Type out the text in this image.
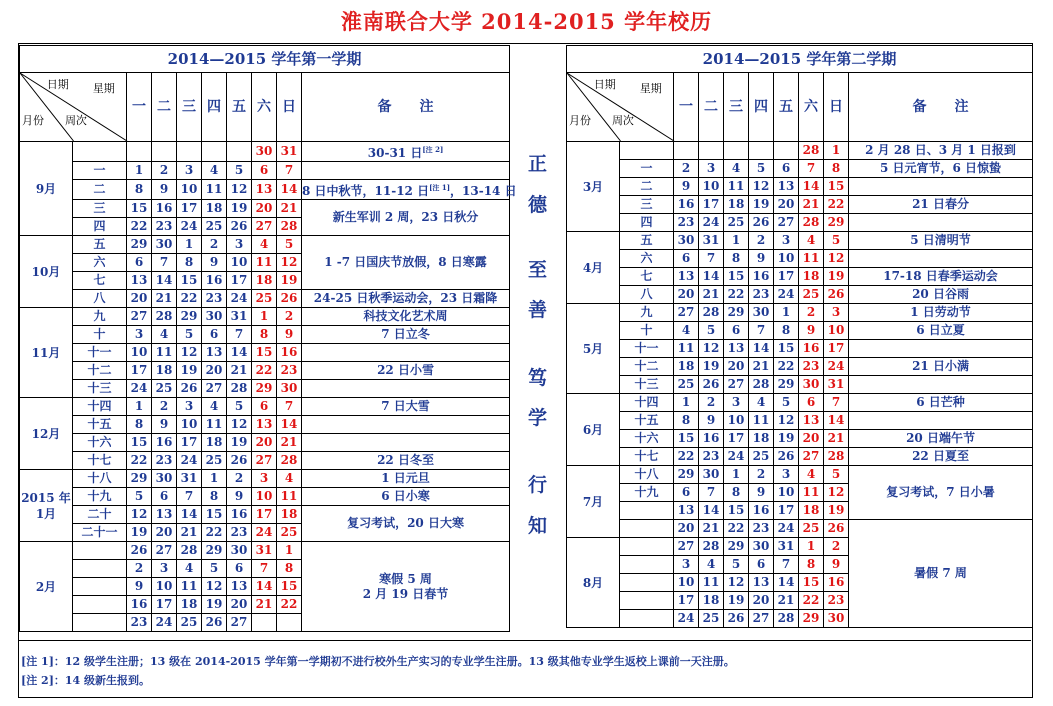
淮南联合大学 2014-2015 学年校历
2014—2015 学年第一学期									

日期 星期
月份 周次		一	二	三	四	五	六	日	备　　注
9月							30	31	30-31 日[注 2]
	一	1	2	3	4	5	6	7	
	二	8	9	10	11	12	13	14	8 日中秋节，11-12 日[注 1]，13-14 日
	三	15	16	17	18	19	20	21	新生军训 2 周，23 日秋分
	四	22	23	24	25	26	27	28	
10月	五	29	30	1	2	3	4	5	1 -7 日国庆节放假，8 日寒露
	六	6	7	8	9	10	11	12	
	七	13	14	15	16	17	18	19	
	八	20	21	22	23	24	25	26	24-25 日秋季运动会，23 日霜降
11月	九	27	28	29	30	31	1	2	科技文化艺术周
	十	3	4	5	6	7	8	9	7 日立冬
	十一	10	11	12	13	14	15	16	
	十二	17	18	19	20	21	22	23	22 日小雪
	十三	24	25	26	27	28	29	30	
12月	十四	1	2	3	4	5	6	7	7 日大雪
	十五	8	9	10	11	12	13	14	
	十六	15	16	17	18	19	20	21	
	十七	22	23	24	25	26	27	28	22 日冬至
2015 年 1月	十八	29	30	31	1	2	3	4	1 日元旦
	十九	5	6	7	8	9	10	11	6 日小寒
	二十	12	13	14	15	16	17	18	复习考试，20 日大寒
	二十一	19	20	21	22	23	24	25	
2月		26	27	28	29	30	31	1	寒假 5 周
2 月 19 日春节
		2	3	4	5	6	7	8	
		9	10	11	12	13	14	15	
		16	17	18	19	20	21	22	
		23	24	25	26	27			
正
德
至
善
笃
学
行
知
2014—2015 学年第二学期									

日期 星期
月份 周次		一	二	三	四	五	六	日	备　　注
3月							28	1	2 月 28 日、3 月 1 日报到
	一	2	3	4	5	6	7	8	5 日元宵节，6 日惊蛰
	二	9	10	11	12	13	14	15	
	三	16	17	18	19	20	21	22	21 日春分
	四	23	24	25	26	27	28	29	
4月	五	30	31	1	2	3	4	5	5 日清明节
	六	6	7	8	9	10	11	12	
	七	13	14	15	16	17	18	19	17-18 日春季运动会
	八	20	21	22	23	24	25	26	20 日谷雨
5月	九	27	28	29	30	1	2	3	1 日劳动节
	十	4	5	6	7	8	9	10	6 日立夏
	十一	11	12	13	14	15	16	17	
	十二	18	19	20	21	22	23	24	21 日小满
	十三	25	26	27	28	29	30	31	
6月	十四	1	2	3	4	5	6	7	6 日芒种
	十五	8	9	10	11	12	13	14	
	十六	15	16	17	18	19	20	21	20 日端午节
	十七	22	23	24	25	26	27	28	22 日夏至
7月	十八	29	30	1	2	3	4	5	复习考试，7 日小暑
	十九	6	7	8	9	10	11	12	
		13	14	15	16	17	18	19	
		20	21	22	23	24	25	26	暑假 7 周
8月		27	28	29	30	31	1	2	
		3	4	5	6	7	8	9	
		10	11	12	13	14	15	16	
		17	18	19	20	21	22	23	
		24	25	26	27	28	29	30	
[注 1]：12 级学生注册；13 级在 2014-2015 学年第一学期初不进行校外生产实习的专业学生注册。13 级其他专业学生返校上课前一天注册。
[注 2]：14 级新生报到。
